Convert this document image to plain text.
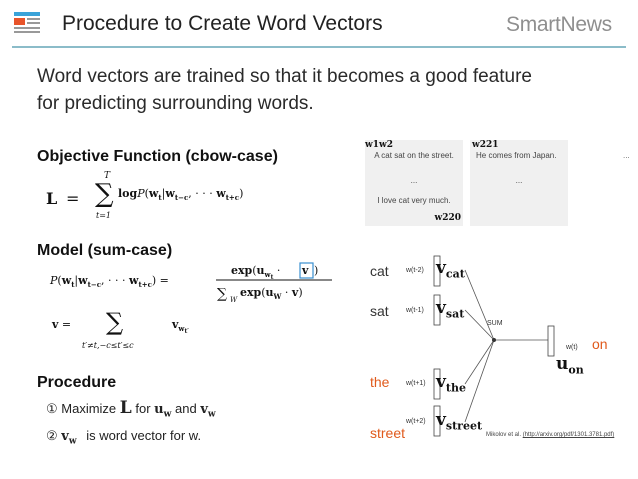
Procedure to Create Word Vectors	SmartNews
Word vectors are trained so that it becomes a good feature for predicting surrounding words.
Objective Function (cbow-case)
L =
T
∑
t=1
$\log P(w_t|w_{t-c}$, · · · $w_{t+c}$)
w1w2
A cat sat on the street.
...
I love cat very much.
w220
w221
He comes from Japan.
...
...
Model (sum-case)
$P(w_t|w_{t-c}$, · · · $w_{t+c}$) =
$\exp(u_wt \cdot v$ )
∑ W
$\exp(u_W \cdot v)$
v = ∑	$v_wt'$
t′≠t,−c≤t′≤c
Procedure
① Maximize L for $u_w$ and $v_w$
② $v_w$ is word vector for w.
cat
sat
the
street
w(t-2)
w(t-1)
w(t+1)
w(t+2)
$v_{cat}$
$v_{sat}$
$v_{the}$
$v_{street}$
SUM
w(t) on
$u_{on}$
Mikolov et al. (http://arxiv.org/pdf/1301.3781.pdf)
